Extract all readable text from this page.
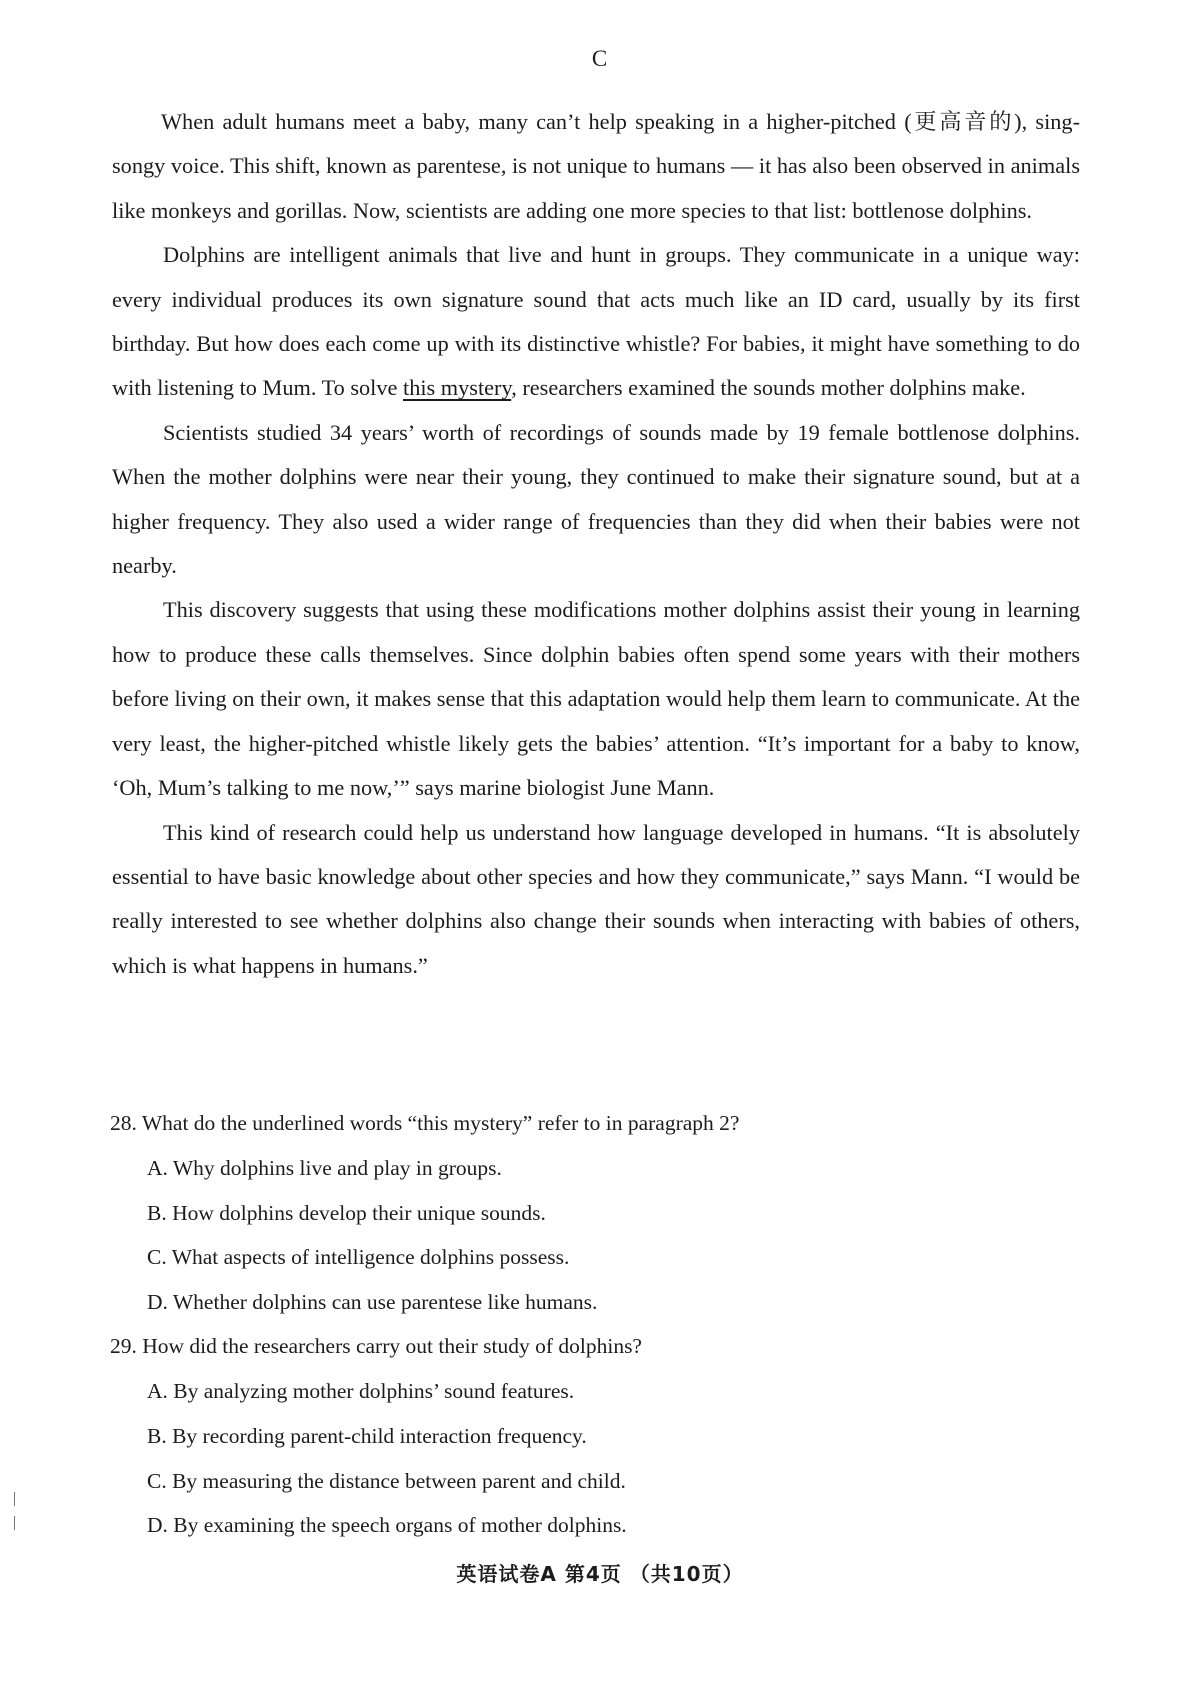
C

When adult humans meet a baby, many can’t help speaking in a higher-pitched (更高音的), sing-songy voice. This shift, known as parentese, is not unique to humans — it has also been observed in animals like monkeys and gorillas. Now, scientists are adding one more species to that list: bottlenose dolphins.

Dolphins are intelligent animals that live and hunt in groups. They communicate in a unique way: every individual produces its own signature sound that acts much like an ID card, usually by its first birthday. But how does each come up with its distinctive whistle? For babies, it might have something to do with listening to Mum. To solve this mystery, researchers examined the sounds mother dolphins make.

Scientists studied 34 years’ worth of recordings of sounds made by 19 female bottlenose dolphins. When the mother dolphins were near their young, they continued to make their signature sound, but at a higher frequency. They also used a wider range of frequencies than they did when their babies were not nearby.

This discovery suggests that using these modifications mother dolphins assist their young in learning how to produce these calls themselves. Since dolphin babies often spend some years with their mothers before living on their own, it makes sense that this adaptation would help them learn to communicate. At the very least, the higher-pitched whistle likely gets the babies’ attention. “It’s important for a baby to know, ‘Oh, Mum’s talking to me now,’” says marine biologist June Mann.

This kind of research could help us understand how language developed in humans. “It is absolutely essential to have basic knowledge about other species and how they communicate,” says Mann. “I would be really interested to see whether dolphins also change their sounds when interacting with babies of others, which is what happens in humans.”

28. What do the underlined words “this mystery” refer to in paragraph 2?

A. Why dolphins live and play in groups.
B. How dolphins develop their unique sounds.
C. What aspects of intelligence dolphins possess.
D. Whether dolphins can use parentese like humans.

29. How did the researchers carry out their study of dolphins?

A. By analyzing mother dolphins’ sound features.
B. By recording parent-child interaction frequency.
C. By measuring the distance between parent and child.
D. By examining the speech organs of mother dolphins.
英语试卷A 第4页 （共10页）
